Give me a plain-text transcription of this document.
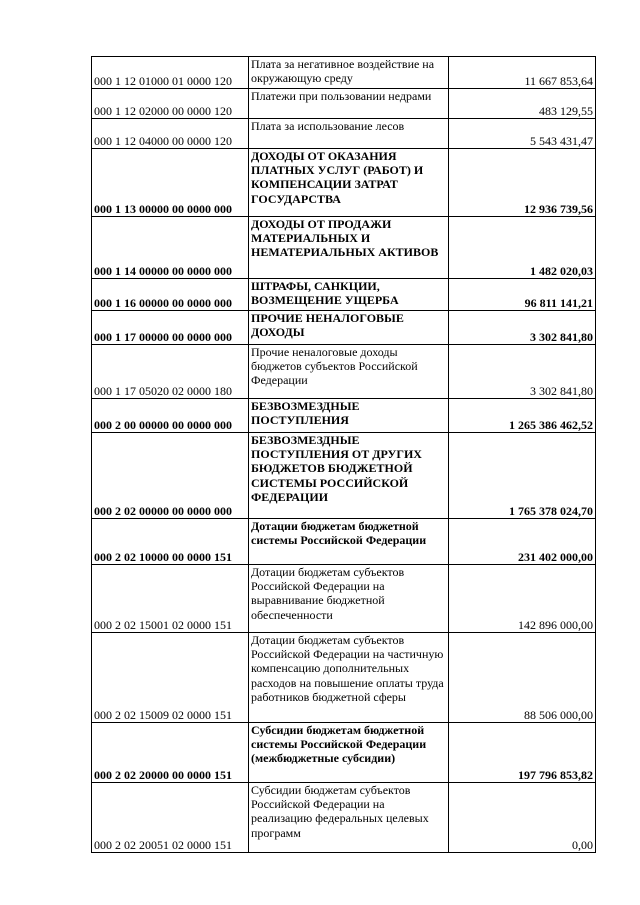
000 1 12 01000 01 0000 120	Плата за негативное воздействие на окружающую среду	11 667 853,64
000 1 12 02000 00 0000 120	Платежи при пользовании недрами	483 129,55
000 1 12 04000 00 0000 120	Плата за использование лесов	5 543 431,47
000 1 13 00000 00 0000 000	ДОХОДЫ ОТ ОКАЗАНИЯ ПЛАТНЫХ УСЛУГ (РАБОТ) И КОМПЕНСАЦИИ ЗАТРАТ ГОСУДАРСТВА	12 936 739,56
000 1 14 00000 00 0000 000	ДОХОДЫ ОТ ПРОДАЖИ МАТЕРИАЛЬНЫХ И НЕМАТЕРИАЛЬНЫХ АКТИВОВ	1 482 020,03
000 1 16 00000 00 0000 000	ШТРАФЫ, САНКЦИИ, ВОЗМЕЩЕНИЕ УЩЕРБА	96 811 141,21
000 1 17 00000 00 0000 000	ПРОЧИЕ НЕНАЛОГОВЫЕ ДОХОДЫ	3 302 841,80
000 1 17 05020 02 0000 180	Прочие неналоговые доходы бюджетов субъектов Российской Федерации	3 302 841,80
000 2 00 00000 00 0000 000	БЕЗВОЗМЕЗДНЫЕ ПОСТУПЛЕНИЯ	1 265 386 462,52
000 2 02 00000 00 0000 000	БЕЗВОЗМЕЗДНЫЕ ПОСТУПЛЕНИЯ ОТ ДРУГИХ БЮДЖЕТОВ БЮДЖЕТНОЙ СИСТЕМЫ РОССИЙСКОЙ ФЕДЕРАЦИИ	1 765 378 024,70
000 2 02 10000 00 0000 151	Дотации бюджетам бюджетной системы Российской Федерации	231 402 000,00
000 2 02 15001 02 0000 151	Дотации бюджетам субъектов Российской Федерации на выравнивание бюджетной обеспеченности	142 896 000,00
000 2 02 15009 02 0000 151	Дотации бюджетам субъектов Российской Федерации на частичную компенсацию дополнительных расходов на повышение оплаты труда работников бюджетной сферы	88 506 000,00
000 2 02 20000 00 0000 151	Субсидии бюджетам бюджетной системы Российской Федерации (межбюджетные субсидии)	197 796 853,82
000 2 02 20051 02 0000 151	Субсидии бюджетам субъектов Российской Федерации на реализацию федеральных целевых программ	0,00
